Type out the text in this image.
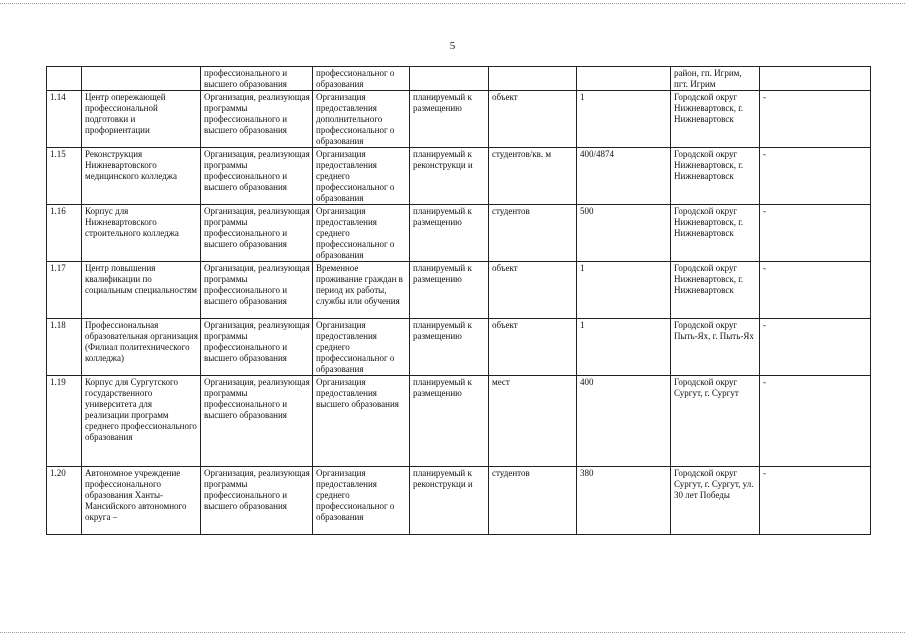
5

		профессионального и высшего образования	профессиональног о образования				район, гп. Игрим, пгт. Игрим	

1.14	Центр опережающей профессиональной подготовки и профориентации	Организация, реализующая программы профессионального и высшего образования	Организация предоставления дополнительного профессиональног о образования	планируемый к размещению	объект	1	Городской округ Нижневартовск, г. Нижневартовск	-

1.15	Реконструкция Нижневартовского медицинского колледжа	Организация, реализующая программы профессионального и высшего образования	Организация предоставления среднего профессиональног о образования	планируемый к реконструкци и	студентов/кв. м	400/4874	Городской округ Нижневартовск, г. Нижневартовск	-

1.16	Корпус для Нижневартовского строительного колледжа	Организация, реализующая программы профессионального и высшего образования	Организация предоставления среднего профессиональног о образования	планируемый к размещению	студентов	500	Городской округ Нижневартовск, г. Нижневартовск	-

1.17	Центр повышения квалификации по социальным специальностям	Организация, реализующая программы профессионального и высшего образования	Временное проживание граждан в период их работы, службы или обучения	планируемый к размещению	объект	1	Городской округ Нижневартовск, г. Нижневартовск	-

1.18	Профессиональная образовательная организация (Филиал политехнического колледжа)	Организация, реализующая программы профессионального и высшего образования	Организация предоставления среднего профессиональног о образования	планируемый к размещению	объект	1	Городской округ Пыть-Ях, г. Пыть-Ях	-

1.19	Корпус для Сургутского государственного университета для реализации программ среднего профессионального образования	Организация, реализующая программы профессионального и высшего образования	Организация предоставления высшего образования	планируемый к размещению	мест	400	Городской округ Сургут, г. Сургут	-

1.20	Автономное учреждение профессионального образования Ханты-Мансийского автономного округа –	Организация, реализующая программы профессионального и высшего образования	Организация предоставления среднего профессиональног о образования	планируемый к реконструкци и	студентов	380	Городской округ Сургут, г. Сургут, ул. 30 лет Победы	-
